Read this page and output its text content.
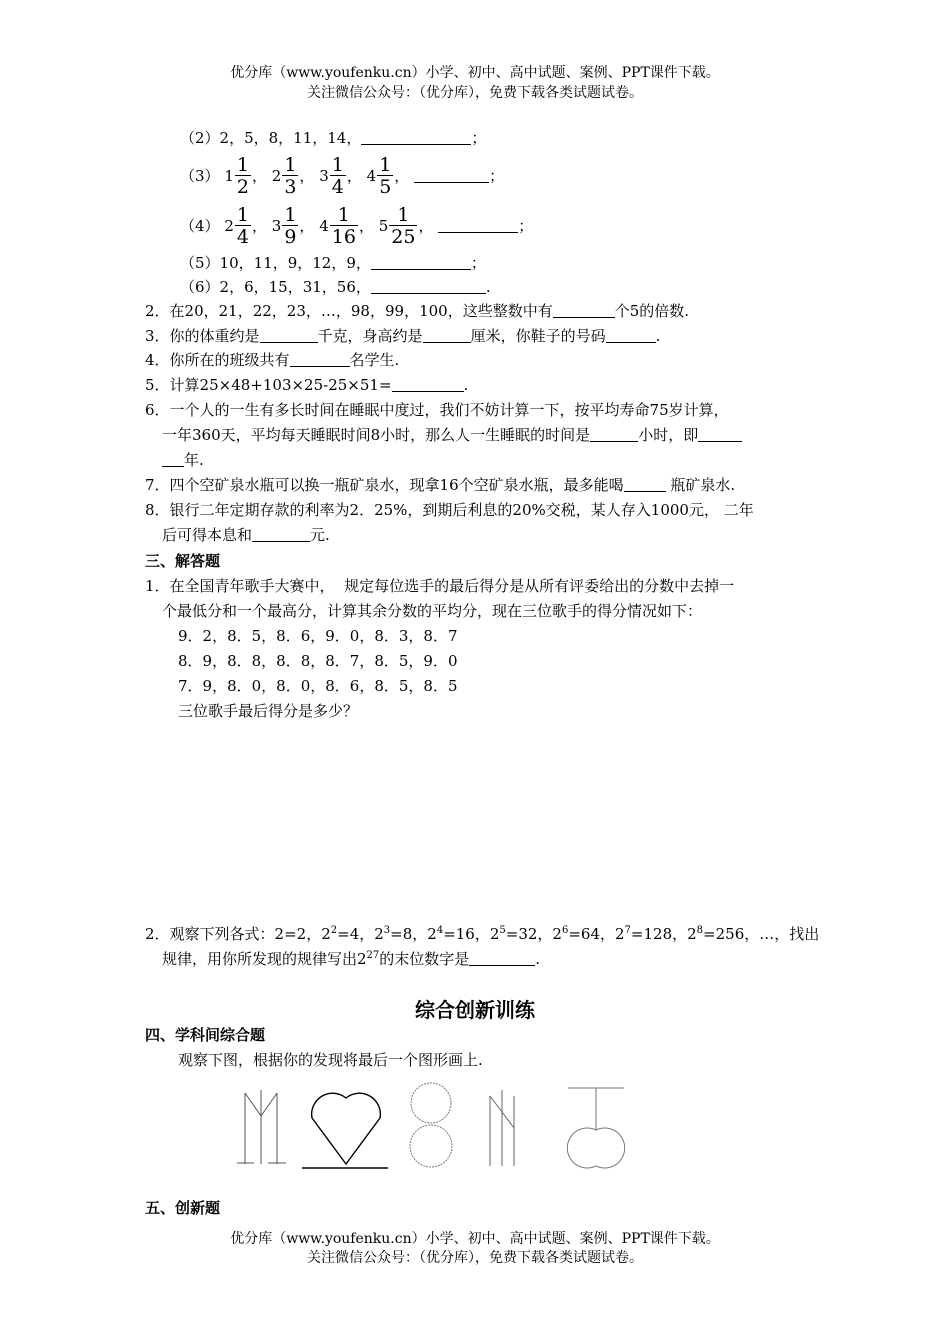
优分库（www.youfenku.cn）小学、初中、高中试题、案例、PPT课件下载。
关注微信公众号：（优分库），免费下载各类试题试卷。
（2）2，5，8，11，14，	；
（3） $1 \frac{1}{2}$ ， $2 \frac{1}{3}$ ， $3 \frac{1}{4}$ ， $4 \frac{1}{5}$ ，	；
（4） $2 \frac{1}{4}$ ， $3 \frac{1}{9}$ ， $4 \frac{1}{16}$ ， $5 \frac{1}{25}$ ，	；
（5）10，11，9，12，9，	；
（6）2，6，15，31，56，	.
2．在20，21，22，23，…，98，99，100，这些整数中有	个5的倍数.
3．你的体重约是	千克，身高约是	厘米，你鞋子的号码	.
4．你所在的班级共有	名学生.
5．计算25×48+103×25-25×51=	.
6．一个人的一生有多长时间在睡眠中度过，我们不妨计算一下，按平均寿命75岁计算，
一年360天，平均每天睡眠时间8小时，那么人一生睡眠的时间是	小时，即
年.
7．四个空矿泉水瓶可以换一瓶矿泉水，现拿16个空矿泉水瓶，最多能喝	瓶矿泉水.
8．银行二年定期存款的利率为2．25%，到期后利息的20%交税，某人存入1000元， 二年
后可得本息和	元.
三、解答题
1．在全国青年歌手大赛中，  规定每位选手的最后得分是从所有评委给出的分数中去掉一
个最低分和一个最高分，计算其余分数的平均分，现在三位歌手的得分情况如下：
9．2，8．5，8．6，9．0，8．3，8．7
8．9，8．8，8．8，8．7，8．5，9．0
7．9，8．0，8．0，8．6，8．5，8．5
三位歌手最后得分是多少？
2．观察下列各式：2=2，$2^2=4$，$2^3=8$，$2^4=16$，$2^5=32$，$2^6=64$，$2^7=128$，$2^8=256$，…，找出
规律，用你所发现的规律写出$2^{27}$的末位数字是	.
综合创新训练
四、学科间综合题
观察下图，根据你的发现将最后一个图形画上.
五、创新题
优分库（www.youfenku.cn）小学、初中、高中试题、案例、PPT课件下载。
关注微信公众号：（优分库），免费下载各类试题试卷。
